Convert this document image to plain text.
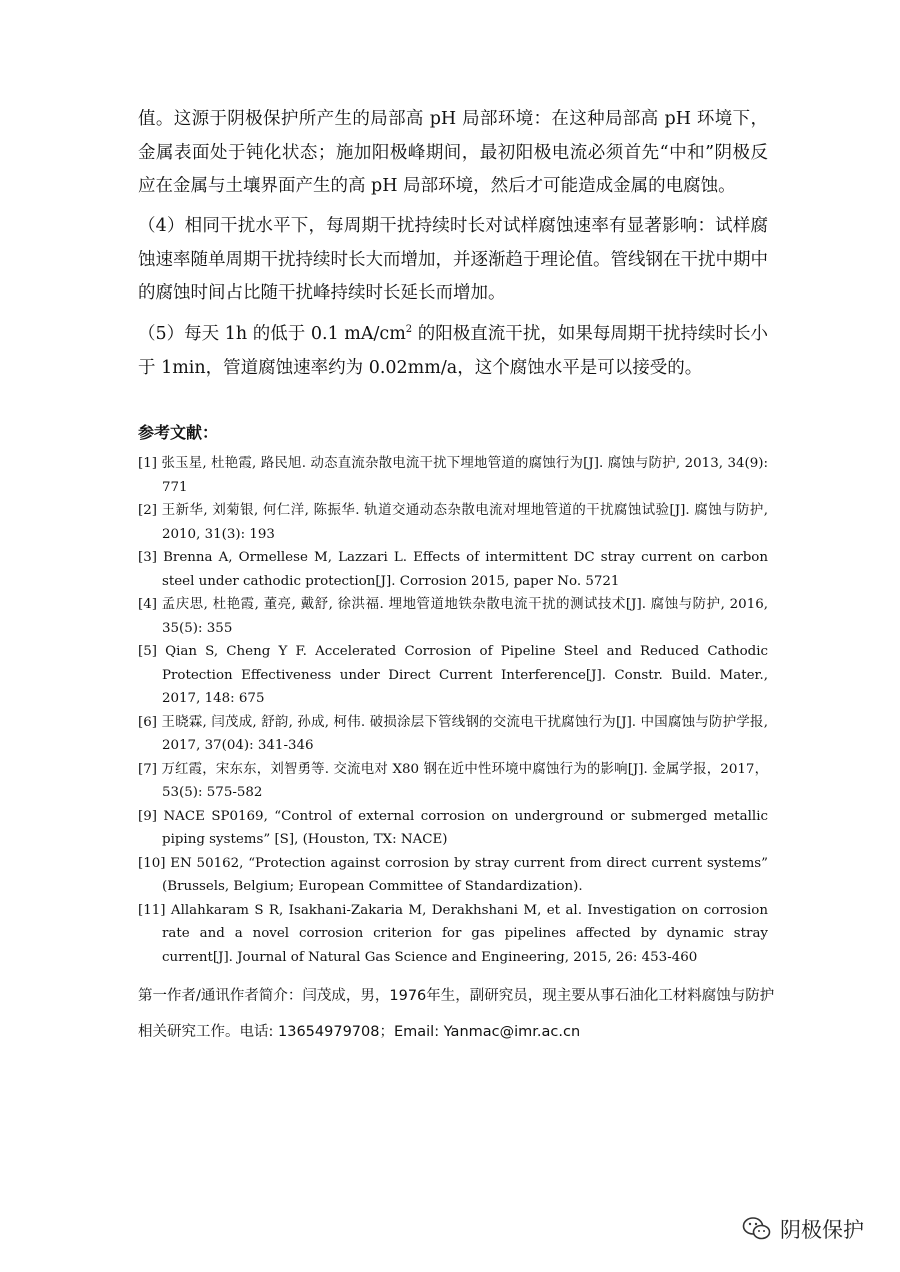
值。这源于阴极保护所产生的局部高 pH 局部环境：在这种局部高 pH 环境下，金属表面处于钝化状态；施加阳极峰期间，最初阳极电流必须首先“中和”阴极反应在金属与土壤界面产生的高 pH 局部环境，然后才可能造成金属的电腐蚀。

（4）相同干扰水平下，每周期干扰持续时长对试样腐蚀速率有显著影响：试样腐蚀速率随单周期干扰持续时长大而增加，并逐渐趋于理论值。管线钢在干扰中期中的腐蚀时间占比随干扰峰持续时长延长而增加。

（5）每天 1h 的低于 0.1 $mA/cm^2$ 的阳极直流干扰，如果每周期干扰持续时长小于 1min，管道腐蚀速率约为 0.02mm/a，这个腐蚀水平是可以接受的。

参考文献：

[1] 张玉星, 杜艳霞, 路民旭. 动态直流杂散电流干扰下埋地管道的腐蚀行为[J]. 腐蚀与防护, 2013, 34(9): 771
[2] 王新华, 刘菊银, 何仁洋, 陈振华. 轨道交通动态杂散电流对埋地管道的干扰腐蚀试验[J]. 腐蚀与防护, 2010, 31(3): 193
[3] Brenna A, Ormellese M, Lazzari L. Effects of intermittent DC stray current on carbon steel under cathodic protection[J]. Corrosion 2015, paper No. 5721
[4] 孟庆思, 杜艳霞, 董亮, 戴舒, 徐洪福. 埋地管道地铁杂散电流干扰的测试技术[J]. 腐蚀与防护, 2016, 35(5): 355
[5] Qian S, Cheng Y F. Accelerated Corrosion of Pipeline Steel and Reduced Cathodic Protection Effectiveness under Direct Current Interference[J]. Constr. Build. Mater., 2017, 148: 675
[6] 王晓霖, 闫茂成, 舒韵, 孙成, 柯伟. 破损涂层下管线钢的交流电干扰腐蚀行为[J]. 中国腐蚀与防护学报, 2017, 37(04): 341-346
[7] 万红霞，宋东东，刘智勇等. 交流电对 X80 钢在近中性环境中腐蚀行为的影响[J]. 金属学报，2017，53(5): 575-582
[9] NACE SP0169, “Control of external corrosion on underground or submerged metallic piping systems” [S], (Houston, TX: NACE)
[10] EN 50162, “Protection against corrosion by stray current from direct current systems” (Brussels, Belgium; European Committee of Standardization).
[11] Allahkaram S R, Isakhani-Zakaria M, Derakhshani M, et al. Investigation on corrosion rate and a novel corrosion criterion for gas pipelines affected by dynamic stray current[J]. Journal of Natural Gas Science and Engineering, 2015, 26: 453-460

第一作者/通讯作者简介：闫茂成，男，1976年生，副研究员，现主要从事石油化工材料腐蚀与防护相关研究工作。电话: 13654979708；Email: Yanmac@imr.ac.cn

阴极保护
